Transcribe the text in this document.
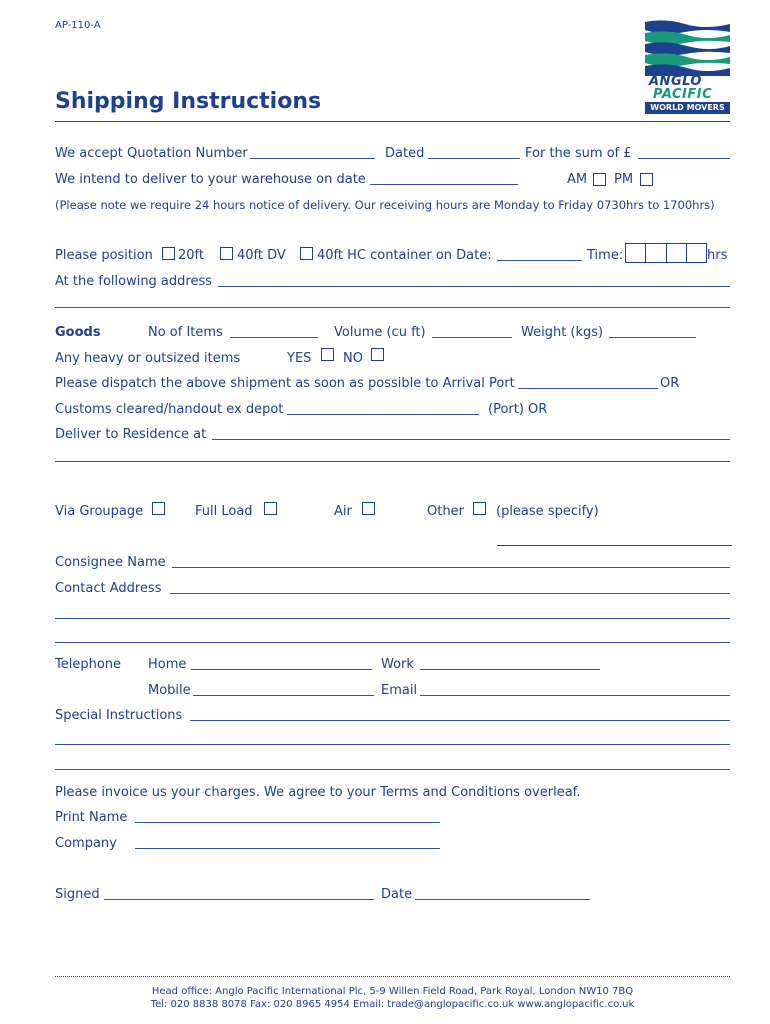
AP-110-A
Shipping Instructions
ANGLO
PACIFIC
WORLD MOVERS
We accept Quotation Number	Dated	For the sum of £
We intend to deliver to your warehouse on date	AM PM
(Please note we require 24 hours notice of delivery. Our receiving hours are Monday to Friday 0730hrs to 1700hrs)
Please position 20ft	40ft DV 40ft HC container on Date:	Time:	hrs
At the following address
Goods	No of Items	Volume (cu ft)	Weight (kgs)
Any heavy or outsized items	YES NO
Please dispatch the above shipment as soon as possible to Arrival Port	OR
Customs cleared/handout ex depot	(Port) OR
Deliver to Residence at
Via Groupage	Full Load	Air	Other (please specify)
Consignee Name
Contact Address
Telephone Home	Work
Mobile	Email
Special Instructions
Please invoice us your charges. We agree to your Terms and Conditions overleaf.
Print Name
Company
Signed	Date
Head office: Anglo Pacific International Plc, 5-9 Willen Field Road, Park Royal, London NW10 7BQ
Tel: 020 8838 8078 Fax: 020 8965 4954 Email: trade@anglopacific.co.uk www.anglopacific.co.uk
